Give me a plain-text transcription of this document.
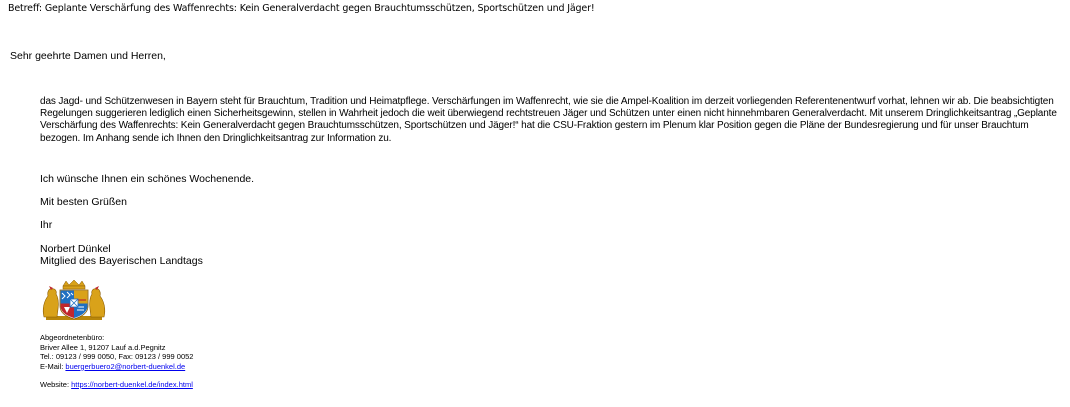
Betreff: Geplante Verschärfung des Waffenrechts: Kein Generalverdacht gegen Brauchtumsschützen, Sportschützen und Jäger!
Sehr geehrte Damen und Herren,

das Jagd- und Schützenwesen in Bayern steht für Brauchtum, Tradition und Heimatpflege. Verschärfungen im Waffenrecht, wie sie die Ampel-Koalition im derzeit vorliegenden Referentenentwurf vorhat, lehnen wir ab. Die beabsichtigten Regelungen suggerieren lediglich einen Sicherheitsgewinn, stellen in Wahrheit jedoch die weit überwiegend rechtstreuen Jäger und Schützen unter einen nicht hinnehmbaren Generalverdacht. Mit unserem Dringlichkeitsantrag „Geplante Verschärfung des Waffenrechts: Kein Generalverdacht gegen Brauchtumsschützen, Sportschützen und Jäger!“ hat die CSU-Fraktion gestern im Plenum klar Position gegen die Pläne der Bundesregierung und für unser Brauchtum bezogen. Im Anhang sende ich Ihnen den Dringlichkeitsantrag zur Information zu.

Ich wünsche Ihnen ein schönes Wochenende.
Mit besten Grüßen
Ihr
Norbert Dünkel
Mitglied des Bayerischen Landtags
Abgeordnetenbüro:
Briver Allee 1, 91207 Lauf a.d.Pegnitz
Tel.: 09123 / 999 0050, Fax: 09123 / 999 0052
E-Mail: buergerbuero2@norbert-duenkel.de
Website: https://norbert-duenkel.de/index.html
